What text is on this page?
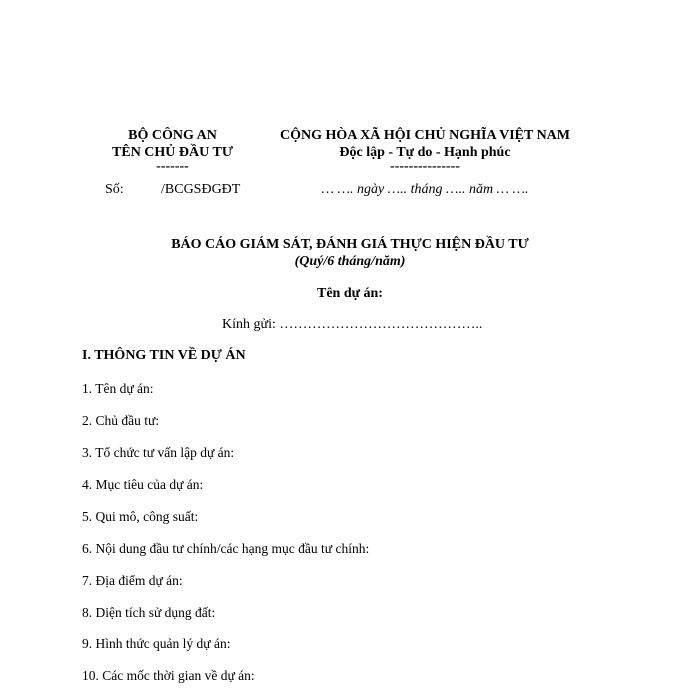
BỘ CÔNG AN
TÊN CHỦ ĐẦU TƯ
-------
Số:	/BCGSĐGĐT
CỘNG HÒA XÃ HỘI CHỦ NGHĨA VIỆT NAM
Độc lập - Tự do - Hạnh phúc
---------------
… …. ngày ….. tháng ….. năm … ….
BÁO CÁO GIÁM SÁT, ĐÁNH GIÁ THỰC HIỆN ĐẦU TƯ
(Quý/6 tháng/năm)
Tên dự án:
Kính gửi: ……………………………………..
I. THÔNG TIN VỀ DỰ ÁN
1. Tên dự án:
2. Chủ đầu tư:
3. Tổ chức tư vấn lập dự án:
4. Mục tiêu của dự án:
5. Qui mô, công suất:
6. Nội dung đầu tư chính/các hạng mục đầu tư chính:
7. Địa điểm dự án:
8. Diện tích sử dụng đất:
9. Hình thức quản lý dự án:
10. Các mốc thời gian về dự án:
